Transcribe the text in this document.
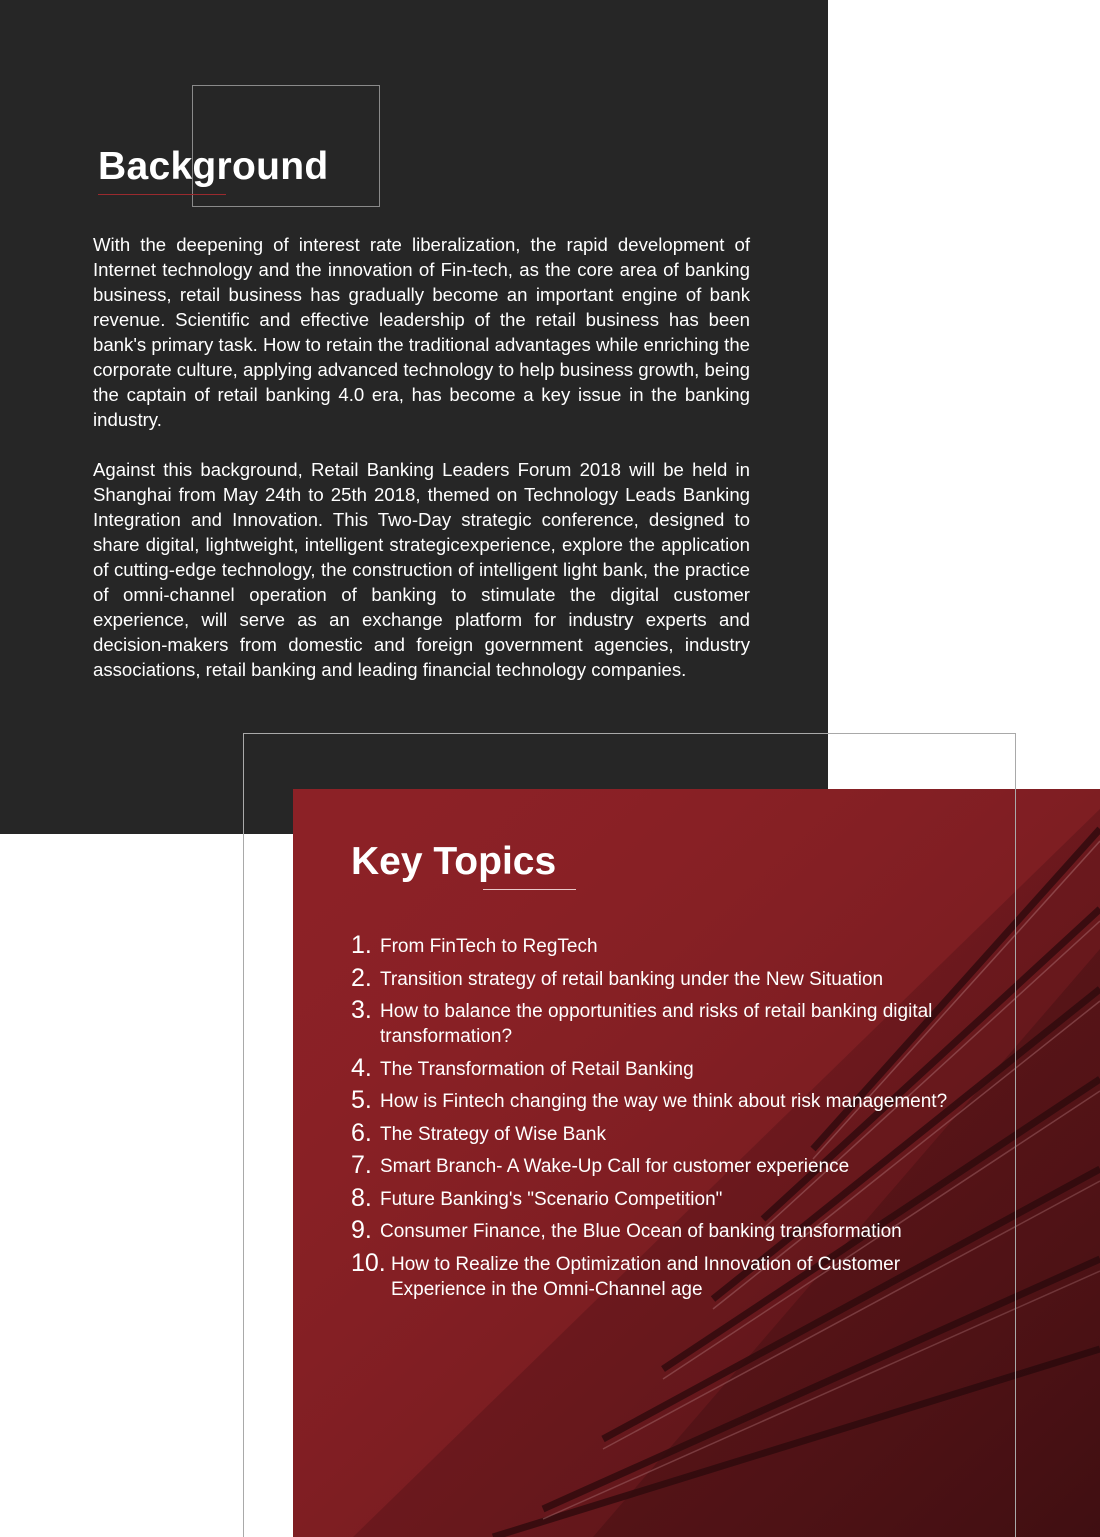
Background

With the deepening of interest rate liberalization, the rapid development of Internet technology and the innovation of Fin-tech, as the core area of banking business, retail business has gradually become an important engine of bank revenue. Scientific and effective leadership of the retail business has been bank's primary task. How to retain the traditional advantages while enriching the corporate culture, applying advanced technology to help business growth, being the captain of retail banking 4.0 era, has become a key issue in the banking industry.

Against this background, Retail Banking Leaders Forum 2018 will be held in Shanghai from May 24th to 25th 2018, themed on Technology Leads Banking Integration and Innovation. This Two-Day strategic conference, designed to share digital, lightweight, intelligent strategicexperience, explore the application of cutting-edge technology, the construction of intelligent light bank, the practice of omni-channel operation of banking to stimulate the digital customer experience, will serve as an exchange platform for industry experts and decision-makers from domestic and foreign government agencies, industry associations, retail banking and leading financial technology companies.

Key Topics
1. From FinTech to RegTech
2. Transition strategy of retail banking under the New Situation
3. How to balance the opportunities and risks of retail banking digital transformation?
4. The Transformation of Retail Banking
5. How is Fintech changing the way we think about risk management?
6. The Strategy of Wise Bank
7. Smart Branch- A Wake-Up Call for customer experience
8. Future Banking's "Scenario Competition"
9. Consumer Finance, the Blue Ocean of banking transformation
10. How to Realize the Optimization and Innovation of Customer Experience in the Omni-Channel age
